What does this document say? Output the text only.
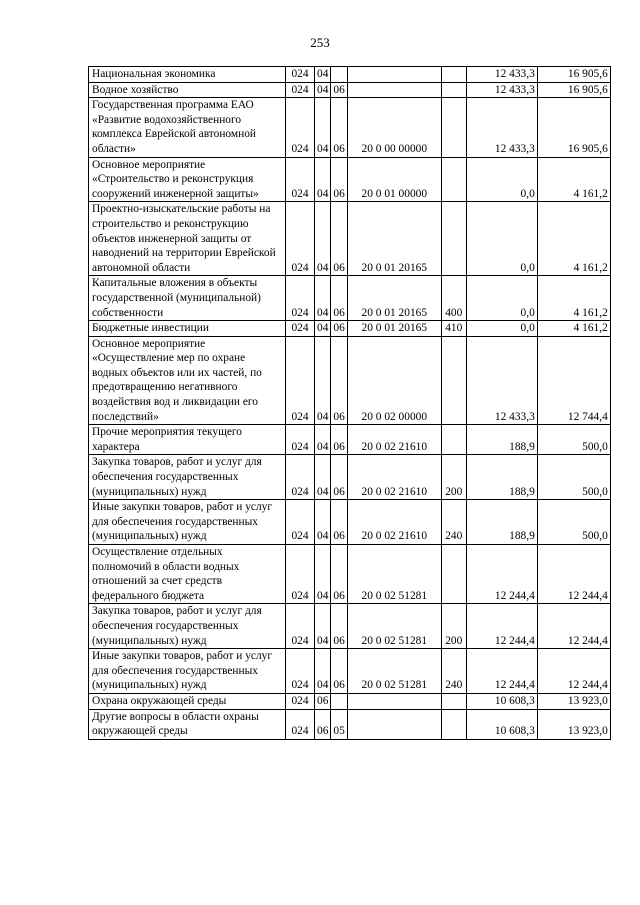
253
Национальная экономика	024	04				12 433,3	16 905,6
Водное хозяйство	024	04	06			12 433,3	16 905,6
Государственная программа ЕАО «Развитие водохозяйственного комплекса Еврейской автономной области»	024	04	06	20 0 00 00000		12 433,3	16 905,6
Основное мероприятие «Строительство и реконструкция сооружений инженерной защиты»	024	04	06	20 0 01 00000		0,0	4 161,2
Проектно-изыскательские работы на строительство и реконструкцию объектов инженерной защиты от наводнений на территории Еврейской автономной области	024	04	06	20 0 01 20165		0,0	4 161,2
Капитальные вложения в объекты государственной (муниципальной) собственности	024	04	06	20 0 01 20165	400	0,0	4 161,2
Бюджетные инвестиции	024	04	06	20 0 01 20165	410	0,0	4 161,2
Основное мероприятие «Осуществление мер по охране водных объектов или их частей, по предотвращению негативного воздействия вод и ликвидации его последствий»	024	04	06	20 0 02 00000		12 433,3	12 744,4
Прочие мероприятия текущего характера	024	04	06	20 0 02 21610		188,9	500,0
Закупка товаров, работ и услуг для обеспечения государственных (муниципальных) нужд	024	04	06	20 0 02 21610	200	188,9	500,0
Иные закупки товаров, работ и услуг для обеспечения государственных (муниципальных) нужд	024	04	06	20 0 02 21610	240	188,9	500,0
Осуществление отдельных полномочий в области водных отношений за счет средств федерального бюджета	024	04	06	20 0 02 51281		12 244,4	12 244,4
Закупка товаров, работ и услуг для обеспечения государственных (муниципальных) нужд	024	04	06	20 0 02 51281	200	12 244,4	12 244,4
Иные закупки товаров, работ и услуг для обеспечения государственных (муниципальных) нужд	024	04	06	20 0 02 51281	240	12 244,4	12 244,4
Охрана окружающей среды	024	06				10 608,3	13 923,0
Другие вопросы в области охраны окружающей среды	024	06	05			10 608,3	13 923,0
